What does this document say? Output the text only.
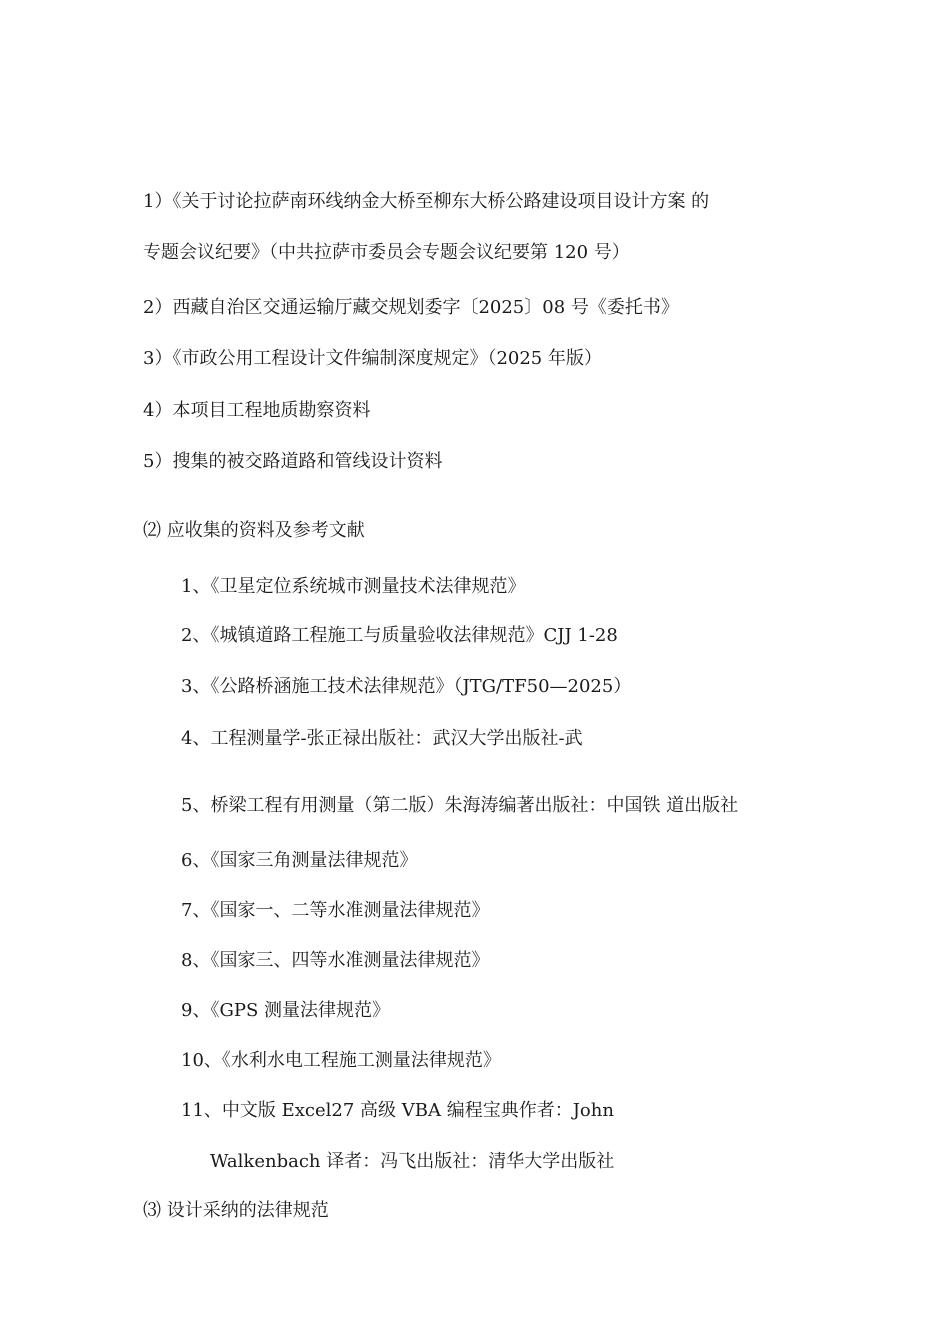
1）《关于讨论拉萨南环线纳金大桥至柳东大桥公路建设项目设计方案 的
专题会议纪要》（中共拉萨市委员会专题会议纪要第 120 号）
2）西藏自治区交通运输厅藏交规划委字〔2025〕08 号《委托书》
3）《市政公用工程设计文件编制深度规定》（2025 年版）
4）本项目工程地质勘察资料
5）搜集的被交路道路和管线设计资料
⑵ 应收集的资料及参考文献
1、《卫星定位系统城市测量技术法律规范》
2、《城镇道路工程施工与质量验收法律规范》CJJ 1-28
3、《公路桥涵施工技术法律规范》（JTG/TF50—2025）
4、工程测量学-张正禄出版社：武汉大学出版社-武
5、桥梁工程有用测量（第二版）朱海涛编著出版社：中国铁 道出版社
6、《国家三角测量法律规范》
7、《国家一、二等水准测量法律规范》
8、《国家三、四等水准测量法律规范》
9、《GPS 测量法律规范》
10、《水利水电工程施工测量法律规范》
11、中文版 Excel27 高级 VBA 编程宝典作者：John
Walkenbach 译者：冯飞出版社：清华大学出版社
⑶ 设计采纳的法律规范
